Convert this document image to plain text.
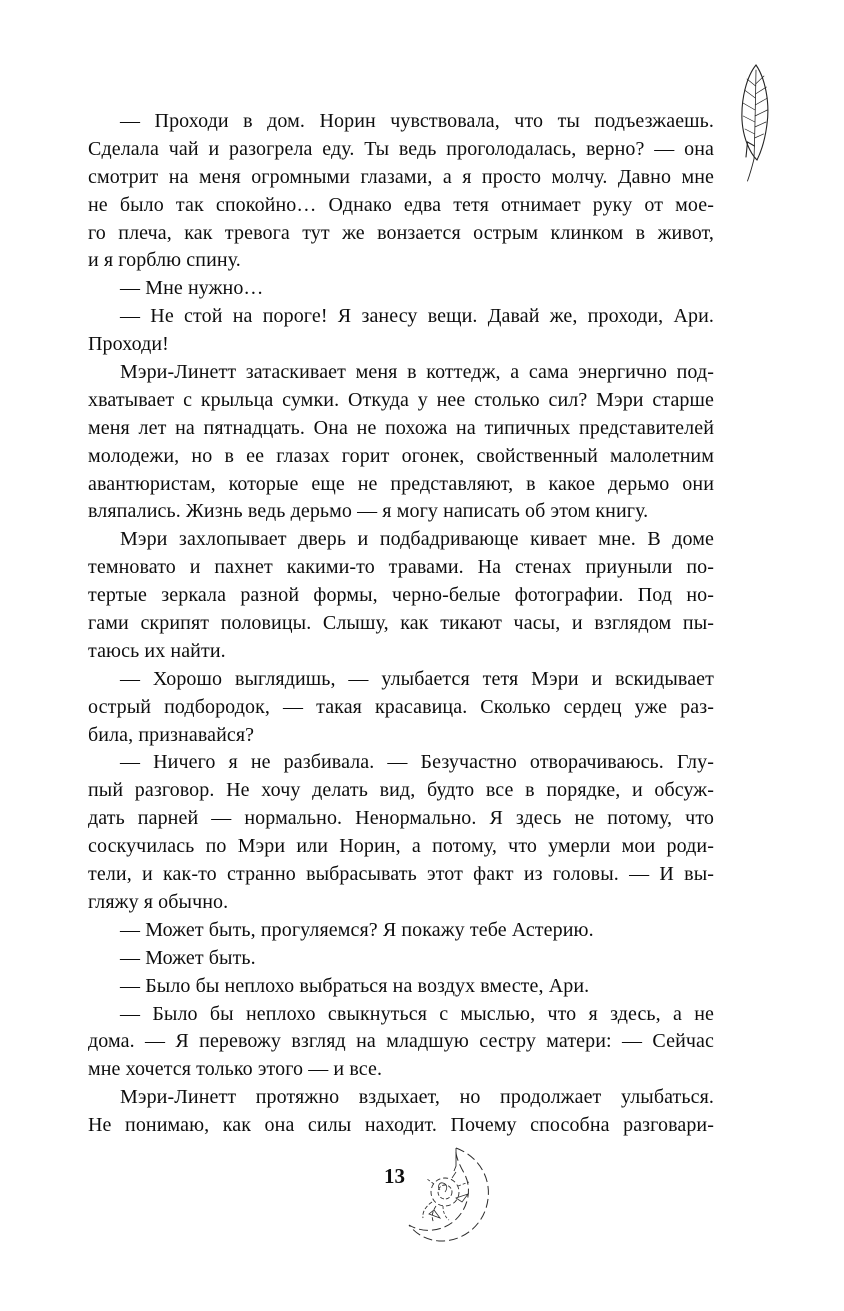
— Проходи в дом. Норин чувствовала, что ты подъезжаешь.
Сделала чай и разогрела еду. Ты ведь проголодалась, верно? — она
смотрит на меня огромными глазами, а я просто молчу. Давно мне
не было так спокойно… Однако едва тетя отнимает руку от мое-
го плеча, как тревога тут же вонзается острым клинком в живот,
и я горблю спину.
— Мне нужно…
— Не стой на пороге! Я занесу вещи. Давай же, проходи, Ари.
Проходи!
Мэри-Линетт затаскивает меня в коттедж, а сама энергично под-
хватывает с крыльца сумки. Откуда у нее столько сил? Мэри старше
меня лет на пятнадцать. Она не похожа на типичных представителей
молодежи, но в ее глазах горит огонек, свойственный малолетним
авантюристам, которые еще не представляют, в какое дерьмо они
вляпались. Жизнь ведь дерьмо — я могу написать об этом книгу.
Мэри захлопывает дверь и подбадривающе кивает мне. В доме
темновато и пахнет какими-то травами. На стенах приуныли по-
тертые зеркала разной формы, черно-белые фотографии. Под но-
гами скрипят половицы. Слышу, как тикают часы, и взглядом пы-
таюсь их найти.
— Хорошо выглядишь, — улыбается тетя Мэри и вскидывает
острый подбородок, — такая красавица. Сколько сердец уже раз-
била, признавайся?
— Ничего я не разбивала. — Безучастно отворачиваюсь. Глу-
пый разговор. Не хочу делать вид, будто все в порядке, и обсуж-
дать парней — нормально. Ненормально. Я здесь не потому, что
соскучилась по Мэри или Норин, а потому, что умерли мои роди-
тели, и как-то странно выбрасывать этот факт из головы. — И вы-
гляжу я обычно.
— Может быть, прогуляемся? Я покажу тебе Астерию.
— Может быть.
— Было бы неплохо выбраться на воздух вместе, Ари.
— Было бы неплохо свыкнуться с мыслью, что я здесь, а не
дома. — Я перевожу взгляд на младшую сестру матери: — Сейчас
мне хочется только этого — и все.
Мэри-Линетт протяжно вздыхает, но продолжает улыбаться.
Не понимаю, как она силы находит. Почему способна разговари-
13
